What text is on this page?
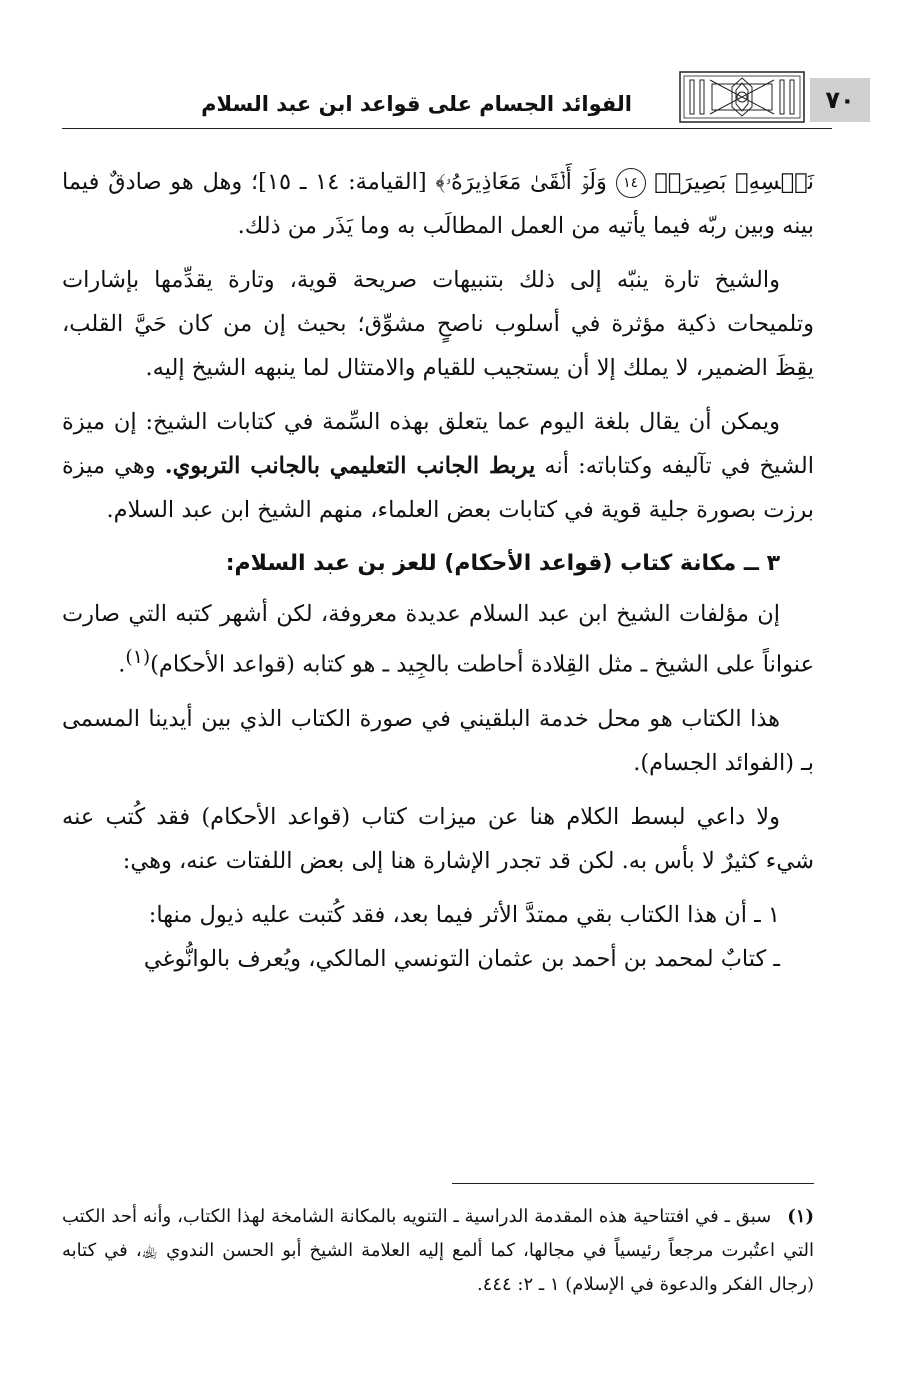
الفوائد الجسام على قواعد ابن عبد السلام	٧٠

نَفۡسِهِۦ بَصِيرَةٞ ١٤ وَلَوۡ أَلۡقَىٰ مَعَاذِيرَهُۥ﴾ [القيامة: ١٤ ـ ١٥]؛ وهل هو صادقٌ فيما بينه وبين ربّه فيما يأتيه من العمل المطالَب به وما يَذَر من ذلك.

والشيخ تارة ينبّه إلى ذلك بتنبيهات صريحة قوية، وتارة يقدِّمها بإشارات وتلميحات ذكية مؤثرة في أسلوب ناصحٍ مشوِّق؛ بحيث إن من كان حَيَّ القلب، يقِظَ الضمير، لا يملك إلا أن يستجيب للقيام والامتثال لما ينبهه الشيخ إليه.

ويمكن أن يقال بلغة اليوم عما يتعلق بهذه السِّمة في كتابات الشيخ: إن ميزة الشيخ في تآليفه وكتاباته: أنه يربط الجانب التعليمي بالجانب التربوي. وهي ميزة برزت بصورة جلية قوية في كتابات بعض العلماء، منهم الشيخ ابن عبد السلام.

٣ ــ مكانة كتاب (قواعد الأحكام) للعز بن عبد السلام:

إن مؤلفات الشيخ ابن عبد السلام عديدة معروفة، لكن أشهر كتبه التي صارت عنواناً على الشيخ ـ مثل القِلادة أحاطت بالجِيد ـ هو كتابه (قواعد الأحكام)$^{(١)}$.

هذا الكتاب هو محل خدمة البلقيني في صورة الكتاب الذي بين أيدينا المسمى بـ (الفوائد الجسام).

ولا داعي لبسط الكلام هنا عن ميزات كتاب (قواعد الأحكام) فقد كُتب عنه شيء كثيرٌ لا بأس به. لكن قد تجدر الإشارة هنا إلى بعض اللفتات عنه، وهي:

١ ـ أن هذا الكتاب بقي ممتدَّ الأثر فيما بعد، فقد كُتبت عليه ذيول منها:

ـ كتابٌ لمحمد بن أحمد بن عثمان التونسي المالكي، ويُعرف بالوانُّوغي

(١)سبق ـ في افتتاحية هذه المقدمة الدراسية ـ التنويه بالمكانة الشامخة لهذا الكتاب، وأنه أحد الكتب التي اعتُبرت مرجعاً رئيسياً في مجالها، كما ألمع إليه العلامة الشيخ أبو الحسن الندوي ﵀، في كتابه (رجال الفكر والدعوة في الإسلام) ١ ـ ٢: ٤٤٤.
